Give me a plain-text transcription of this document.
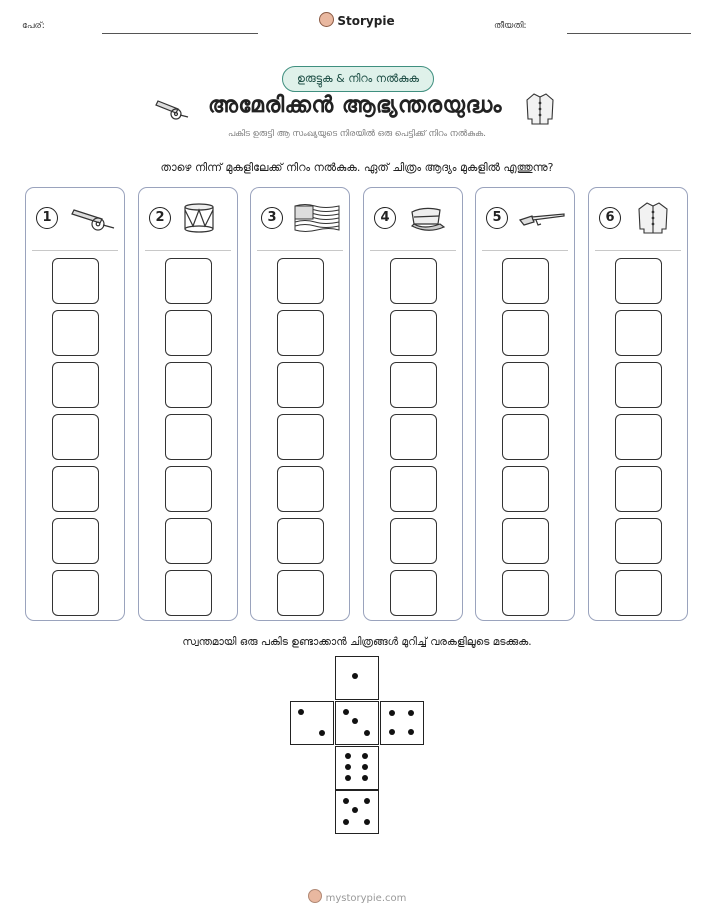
പേര്:	Storypie	തീയതി:
ഉരുട്ടുക & നിറം നൽകുക
അമേരിക്കൻ ആഭ്യന്തരയുദ്ധം
പകിട ഉരുട്ടി ആ സംഖ്യയുടെ നിരയിൽ ഒരു പെട്ടിക്ക് നിറം നൽകുക.
താഴെ നിന്ന് മുകളിലേക്ക് നിറം നൽകുക. ഏത് ചിത്രം ആദ്യം മുകളിൽ എത്തുന്നു?
1	2	3	4	5	6
സ്വന്തമായി ഒരു പകിട ഉണ്ടാക്കാൻ ചിത്രങ്ങൾ മുറിച്ച് വരകളിലൂടെ മടക്കുക.
mystorypie.com
